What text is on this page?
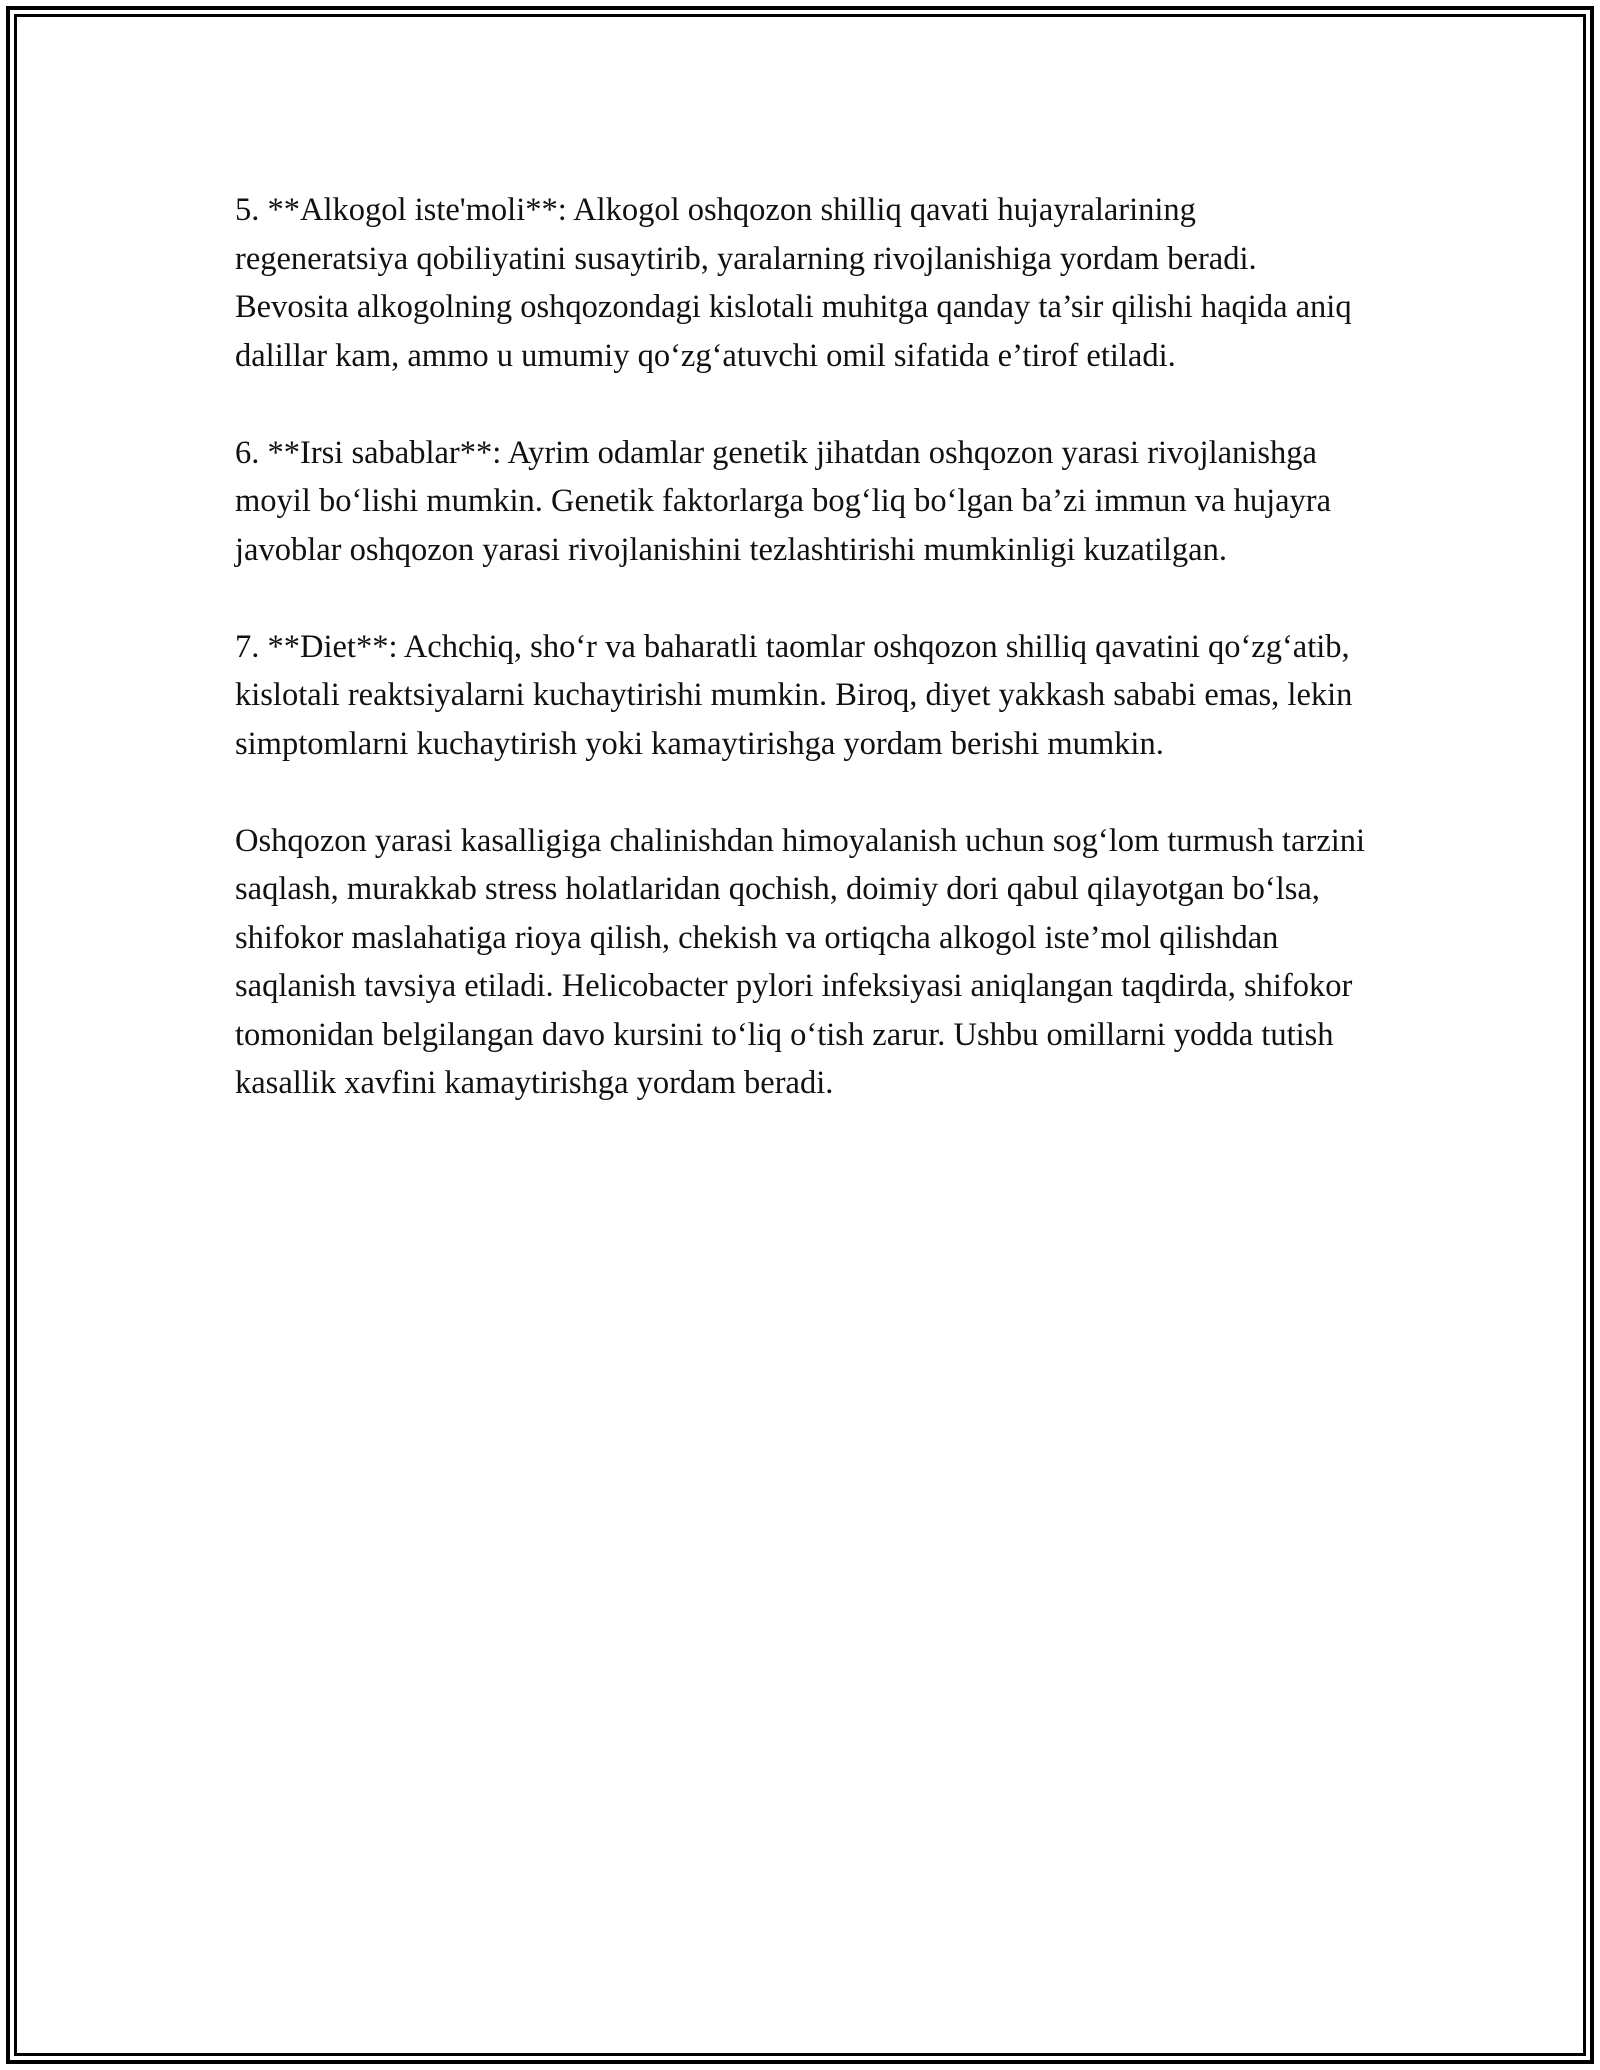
5. **Alkogol iste'moli**: Alkogol oshqozon shilliq qavati hujayralarining regeneratsiya qobiliyatini susaytirib, yaralarning rivojlanishiga yordam beradi. Bevosita alkogolning oshqozondagi kislotali muhitga qanday ta’sir qilishi haqida aniq dalillar kam, ammo u umumiy qo‘zg‘atuvchi omil sifatida e’tirof etiladi.

6. **Irsi sabablar**: Ayrim odamlar genetik jihatdan oshqozon yarasi rivojlanishga moyil bo‘lishi mumkin. Genetik faktorlarga bog‘liq bo‘lgan ba’zi immun va hujayra javoblar oshqozon yarasi rivojlanishini tezlashtirishi mumkinligi kuzatilgan.

7. **Diet**: Achchiq, sho‘r va baharatli taomlar oshqozon shilliq qavatini qo‘zg‘atib, kislotali reaktsiyalarni kuchaytirishi mumkin. Biroq, diyet yakkash sababi emas, lekin simptomlarni kuchaytirish yoki kamaytirishga yordam berishi mumkin.

Oshqozon yarasi kasalligiga chalinishdan himoyalanish uchun sog‘lom turmush tarzini saqlash, murakkab stress holatlaridan qochish, doimiy dori qabul qilayotgan bo‘lsa, shifokor maslahatiga rioya qilish, chekish va ortiqcha alkogol iste’mol qilishdan saqlanish tavsiya etiladi. Helicobacter pylori infeksiyasi aniqlangan taqdirda, shifokor tomonidan belgilangan davo kursini to‘liq o‘tish zarur. Ushbu omillarni yodda tutish kasallik xavfini kamaytirishga yordam beradi.
